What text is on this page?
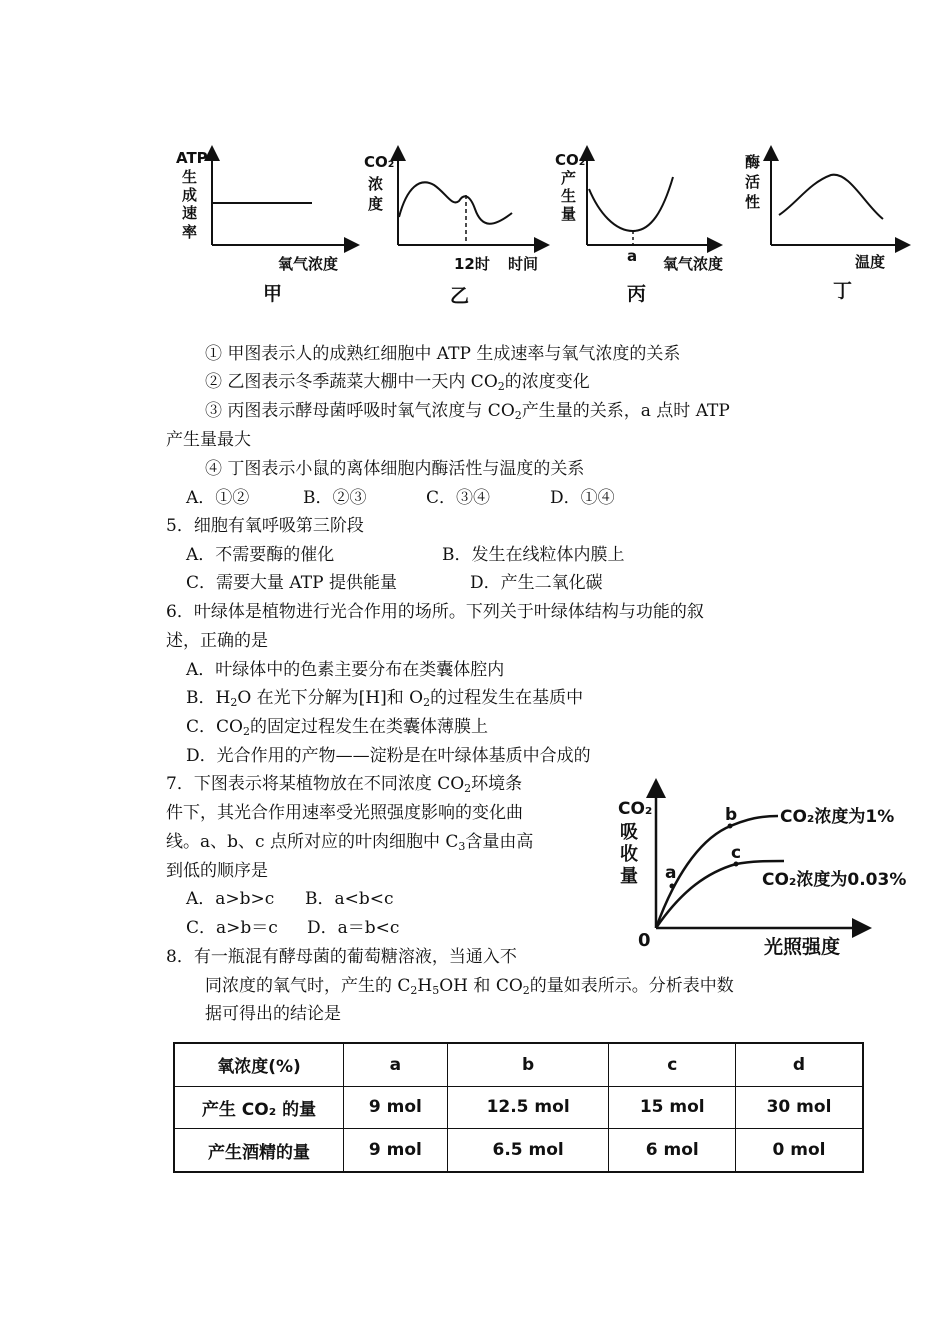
ATP
生
成
速
率
氧气浓度
甲
CO₂
浓
度
12时 时间
乙
CO₂
产
生
量
a 氧气浓度
丙
酶
活
性
温度
丁
① 甲图表示人的成熟红细胞中 ATP 生成速率与氧气浓度的关系
② 乙图表示冬季蔬菜大棚中一天内 $CO_2$的浓度变化
③ 丙图表示酵母菌呼吸时氧气浓度与 $CO_2$产生量的关系，a 点时 ATP
产生量最大
④ 丁图表示小鼠的离体细胞内酶活性与温度的关系
A．①②	B．②③	C．③④	D．①④
5．细胞有氧呼吸第三阶段
A．不需要酶的催化	B．发生在线粒体内膜上
C．需要大量 ATP 提供能量	D．产生二氧化碳
6．叶绿体是植物进行光合作用的场所。下列关于叶绿体结构与功能的叙
述，正确的是
A．叶绿体中的色素主要分布在类囊体腔内
B．$H_2O$ 在光下分解为[H]和 $O_2$的过程发生在基质中
C．$CO_2$的固定过程发生在类囊体薄膜上
D．光合作用的产物——淀粉是在叶绿体基质中合成的
7．下图表示将某植物放在不同浓度 $CO_2$环境条
件下，其光合作用速率受光照强度影响的变化曲
线。a、b、c 点所对应的叶肉细胞中 $C_3$含量由高
到低的顺序是
A．a>b>c B．a<b<c
C．a>b＝c D．a＝b<c
CO₂
吸
收
量
0	光照强度
a
b
c
CO₂浓度为1%
CO₂浓度为0.03%
8．有一瓶混有酵母菌的葡萄糖溶液，当通入不
同浓度的氧气时，产生的 $C_2H_5OH$ 和 $CO_2$的量如表所示。分析表中数
据可得出的结论是
氧浓度(%)	a	b	c	d
产生 CO₂ 的量	9 mol	12.5 mol	15 mol	30 mol
产生酒精的量	9 mol	6.5 mol	6 mol	0 mol
